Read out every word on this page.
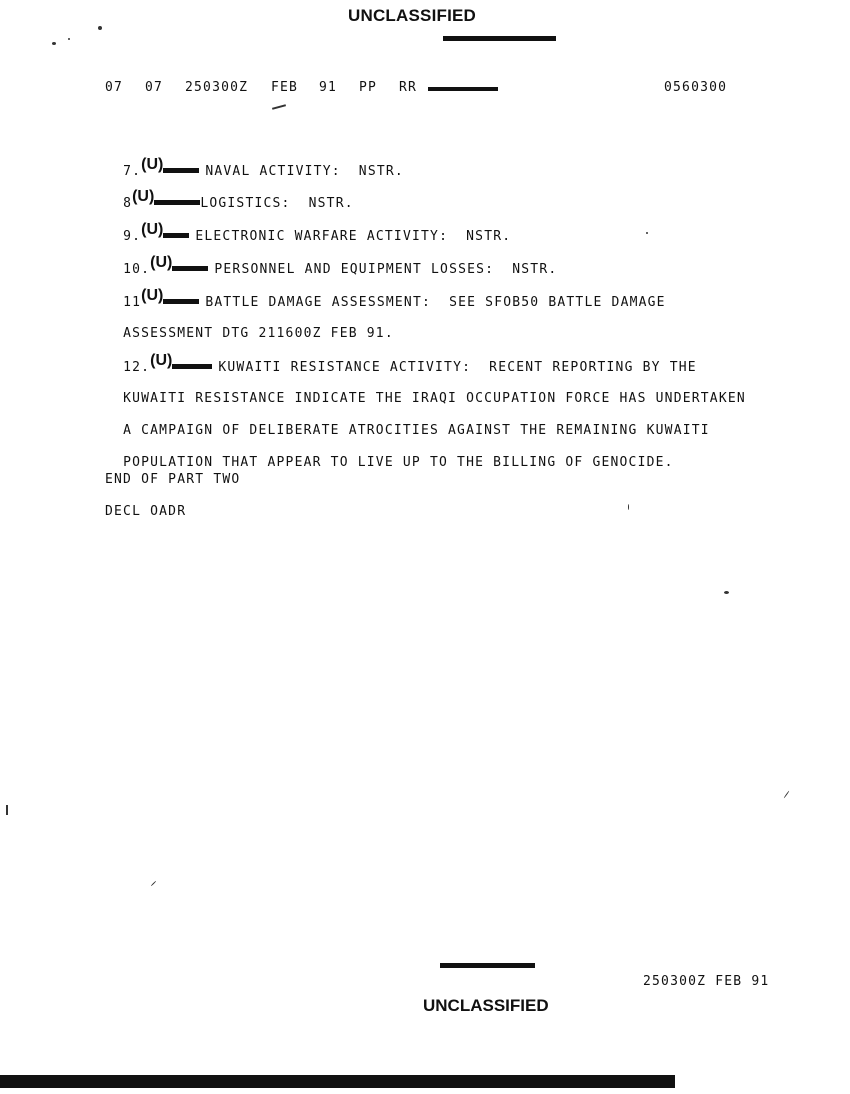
UNCLASSIFIED

07

07

250300Z

FEB

91

PP

RR

	0560300

7.(U)	NAVAL ACTIVITY:  NSTR.

8(U)	LOGISTICS:  NSTR.

9.(U) ELECTRONIC WARFARE ACTIVITY:  NSTR.

10.(U)	PERSONNEL AND EQUIPMENT LOSSES:  NSTR.

11(U)	BATTLE DAMAGE ASSESSMENT:  SEE SFOB50 BATTLE DAMAGE

ASSESSMENT DTG 211600Z FEB 91.

12.(U)	KUWAITI RESISTANCE ACTIVITY:  RECENT REPORTING BY THE

KUWAITI RESISTANCE INDICATE THE IRAQI OCCUPATION FORCE HAS UNDERTAKEN

A CAMPAIGN OF DELIBERATE ATROCITIES AGAINST THE REMAINING KUWAITI

POPULATION THAT APPEAR TO LIVE UP TO THE BILLING OF GENOCIDE.

END OF PART TWO
DECL OADR
250300Z FEB 91
UNCLASSIFIED
